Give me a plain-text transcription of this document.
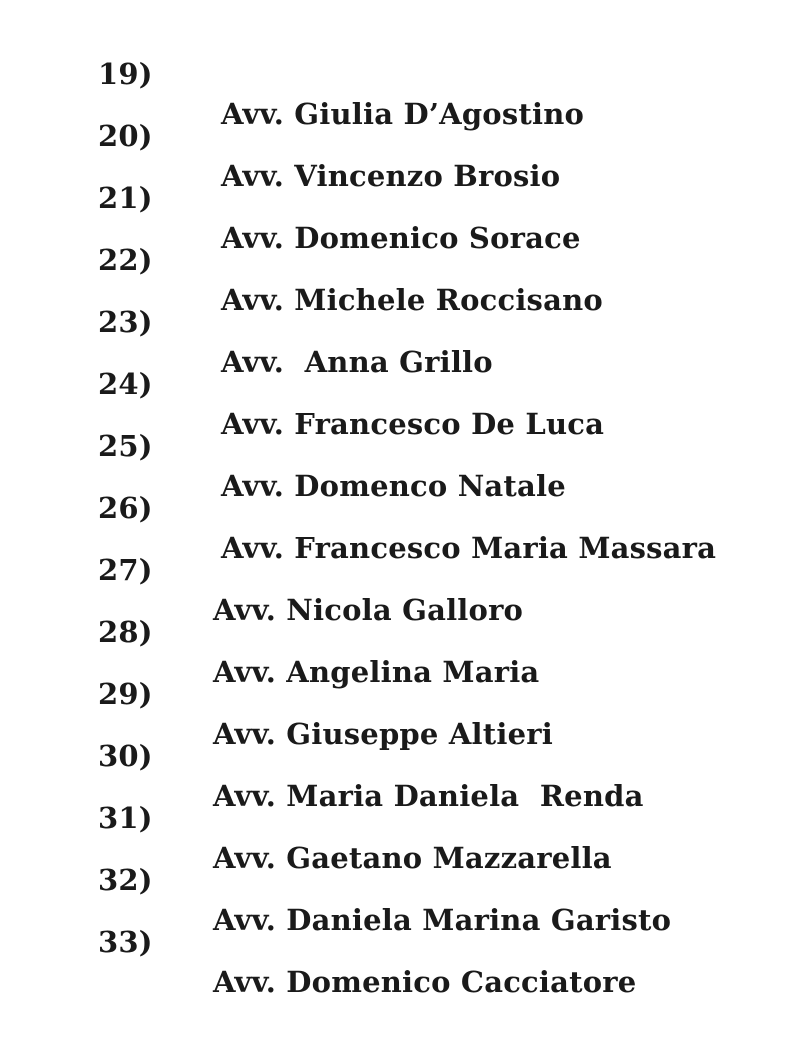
19)

Avv. Giulia D’Agostino

20)

Avv. Vincenzo Brosio

21)

Avv. Domenico Sorace

22)

Avv. Michele Roccisano

23)

Avv.  Anna Grillo

24)

Avv. Francesco De Luca

25)

Avv. Domenco Natale

26)

Avv. Francesco Maria Massara

27)

Avv. Nicola Galloro

28)

Avv. Angelina Maria

29)

Avv. Giuseppe Altieri

30)

Avv. Maria Daniela  Renda

31)

Avv. Gaetano Mazzarella

32)

Avv. Daniela Marina Garisto

33)

Avv. Domenico Cacciatore
